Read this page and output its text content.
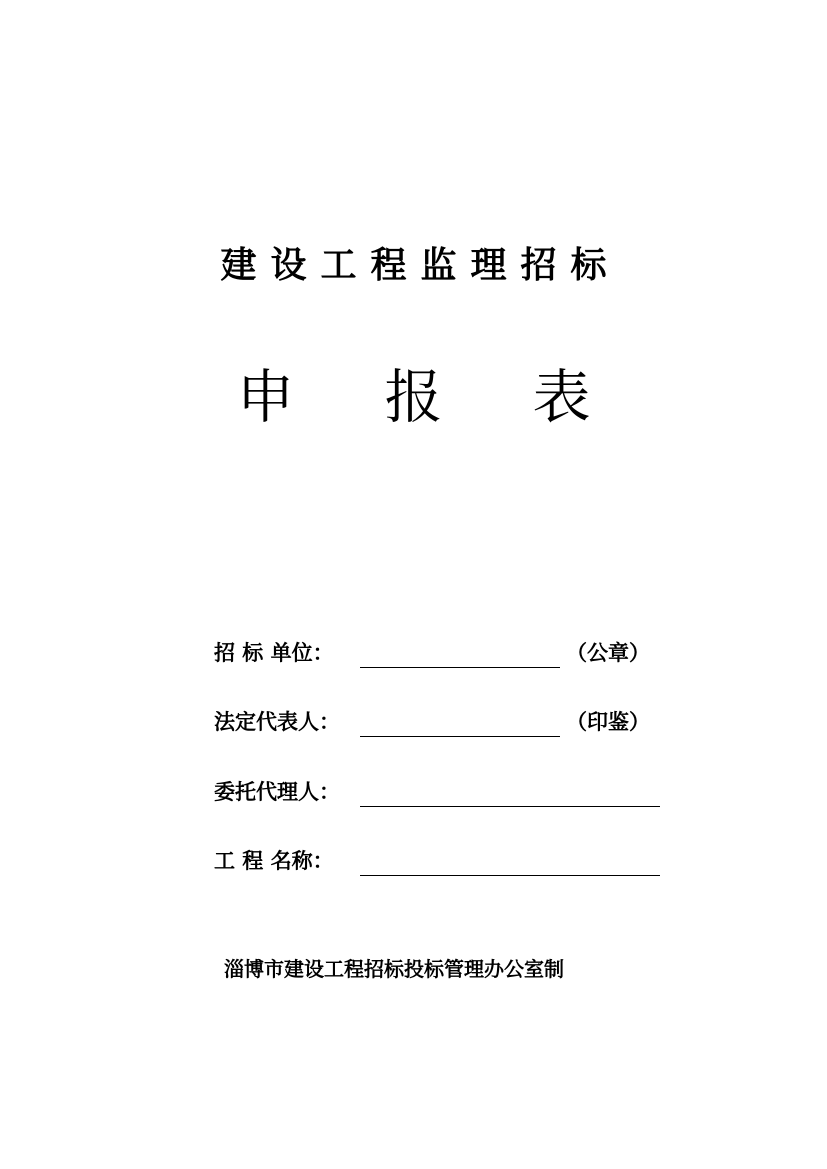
建设工程监理招标
申报表
招 标 单位：	（公章）
法定代表人：	（印鉴）
委托代理人：
工 程 名称：
淄博市建设工程招标投标管理办公室制
